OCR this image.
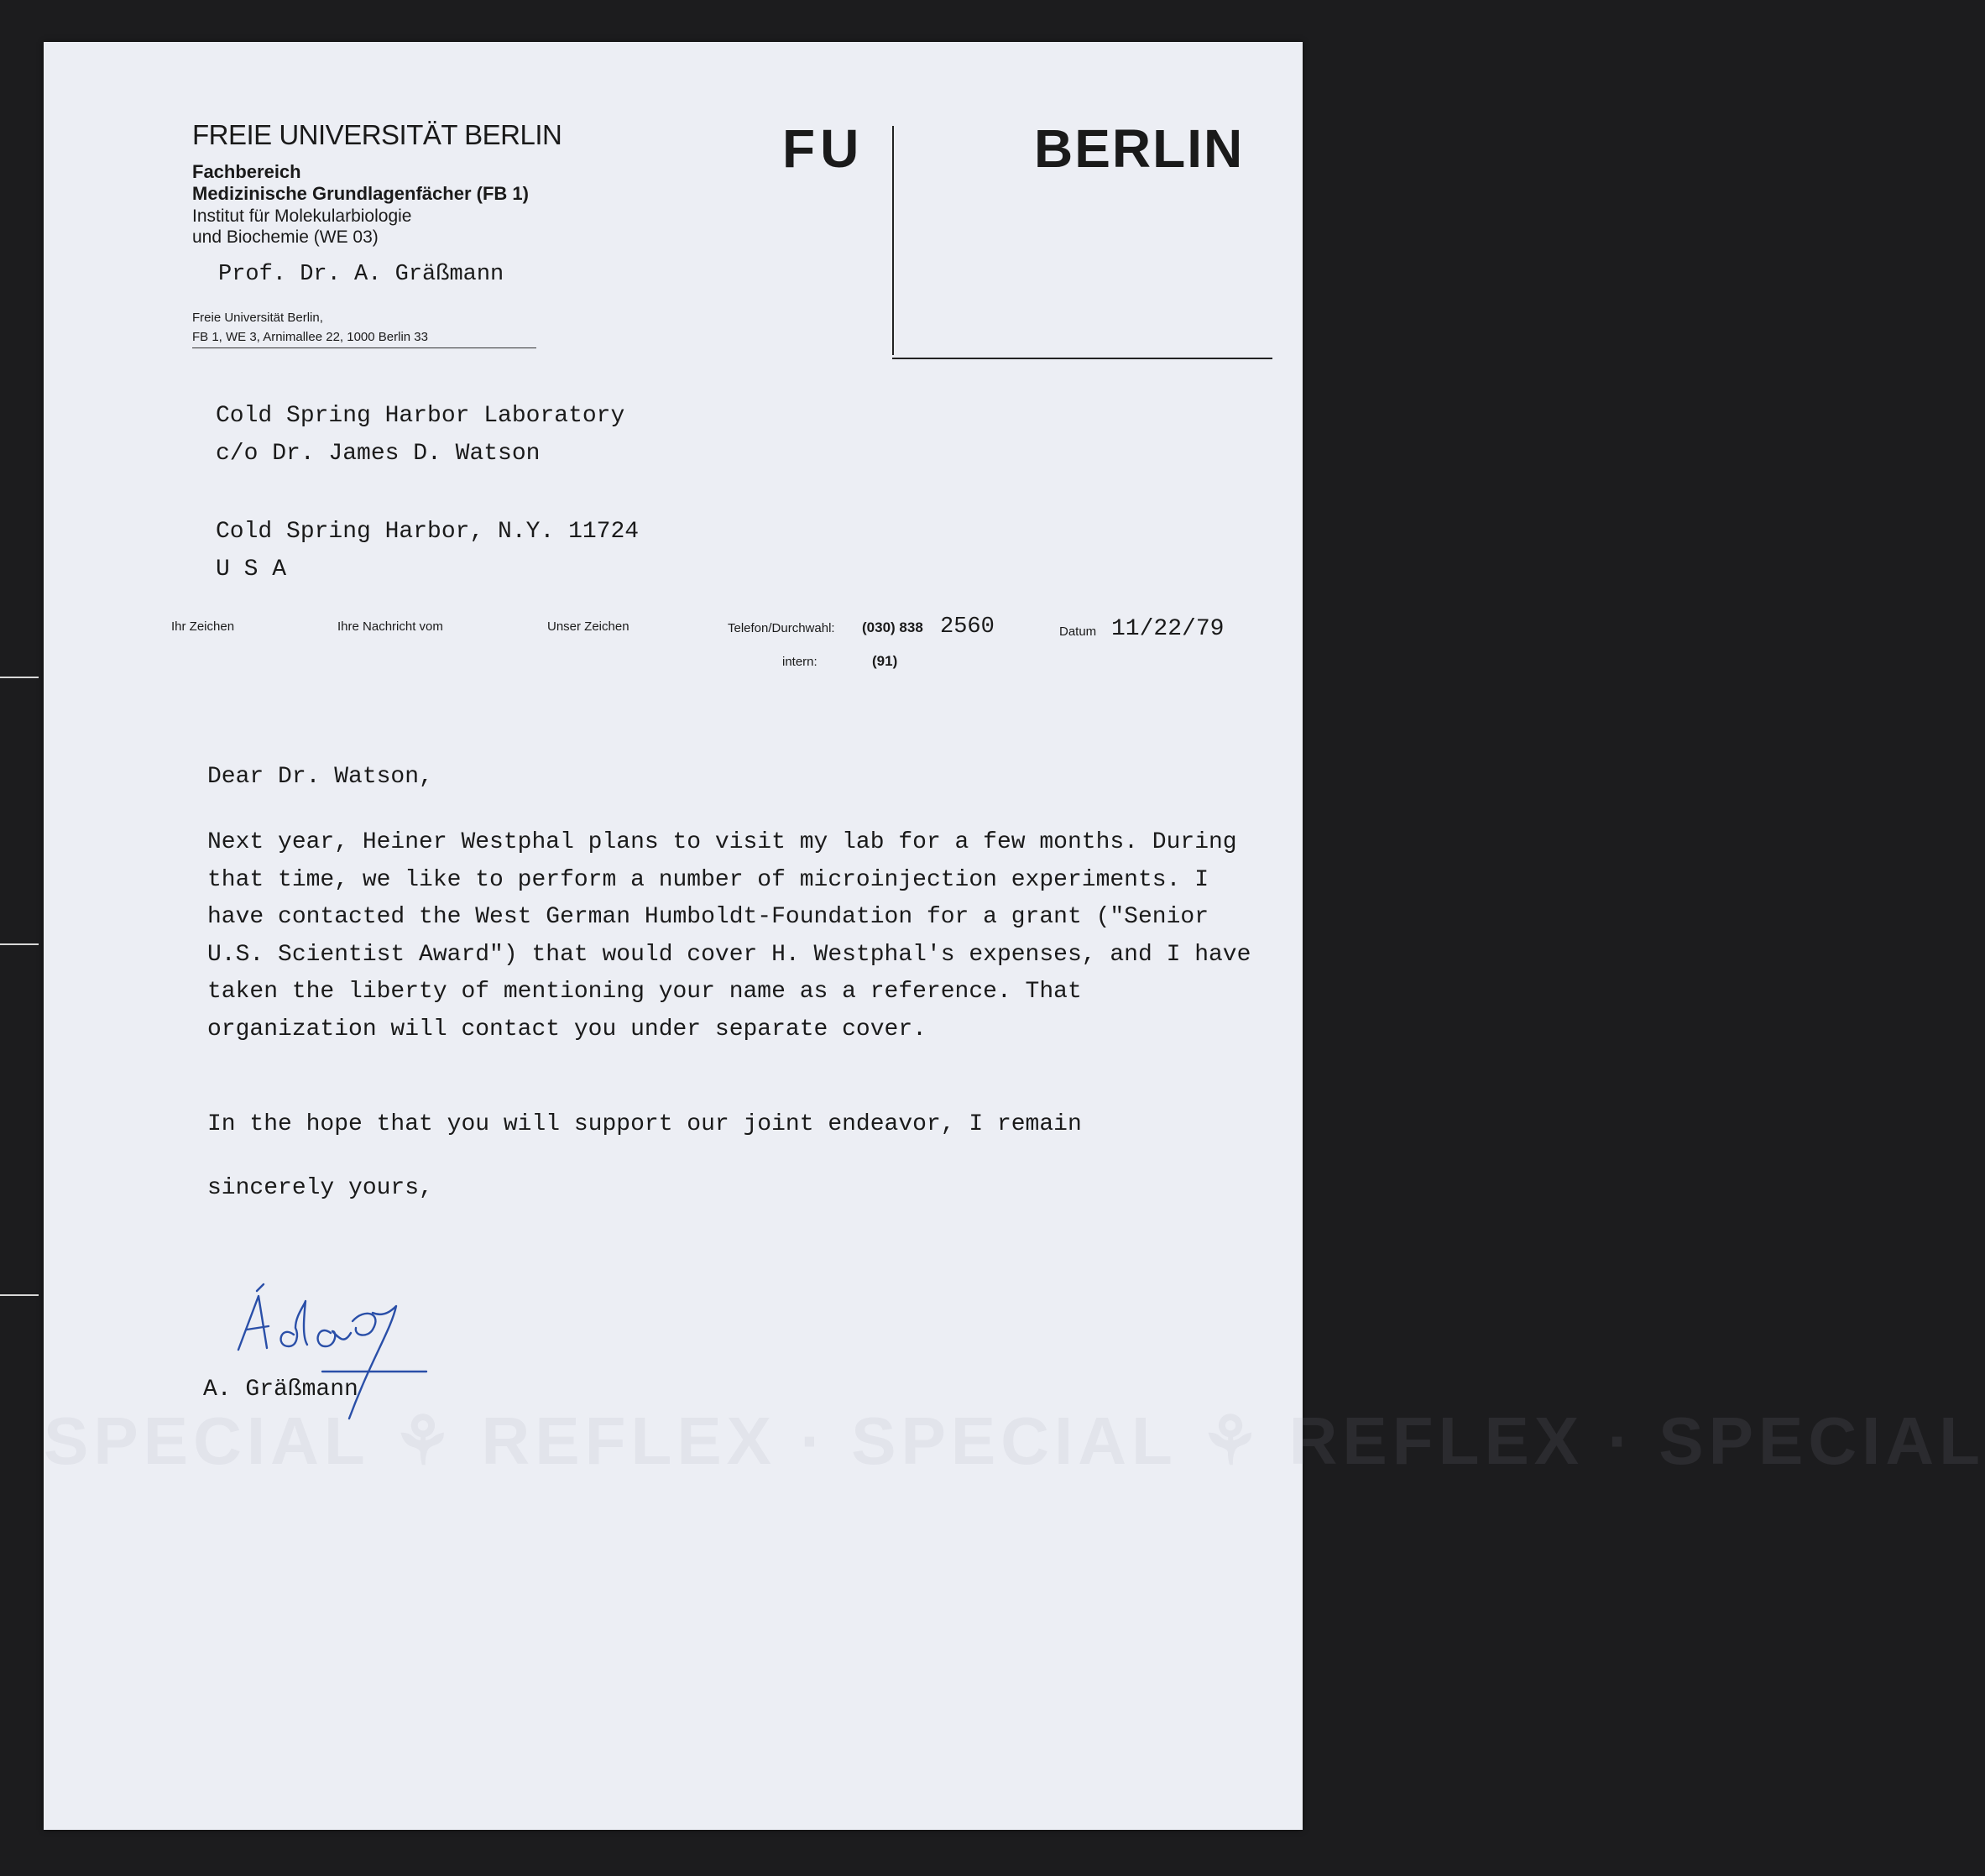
FREIE UNIVERSITÄT BERLIN
Fachbereich
Medizinische Grundlagenfächer (FB 1)
Institut für Molekularbiologie
und Biochemie (WE 03)
Prof. Dr. A. Gräßmann
Freie Universität Berlin,
FB 1, WE 3, Arnimallee 22, 1000 Berlin 33
FU	BERLIN
Cold Spring Harbor Laboratory
c/o Dr. James D. Watson
Cold Spring Harbor, N.Y. 11724
U S A
Ihr Zeichen	Ihre Nachricht vom	Unser Zeichen	Telefon/Durchwahl: (030) 838 2560
intern:	(91)
Datum 11/22/79
Dear Dr. Watson,
Next year, Heiner Westphal plans to visit my lab for a few months. During that time, we like to perform a number of microinjection experiments. I have contacted the West German Humboldt-Foundation for a grant ("Senior U.S. Scientist Award") that would cover H. Westphal's expenses, and I have taken the liberty of mentioning your name as a reference. That organization will contact you under separate cover.
In the hope that you will support our joint endeavor, I remain
sincerely yours,
A. Gräßmann
SPECIAL ⚘ REFLEX · SPECIAL ⚘ REFLEX · SPECIAL
